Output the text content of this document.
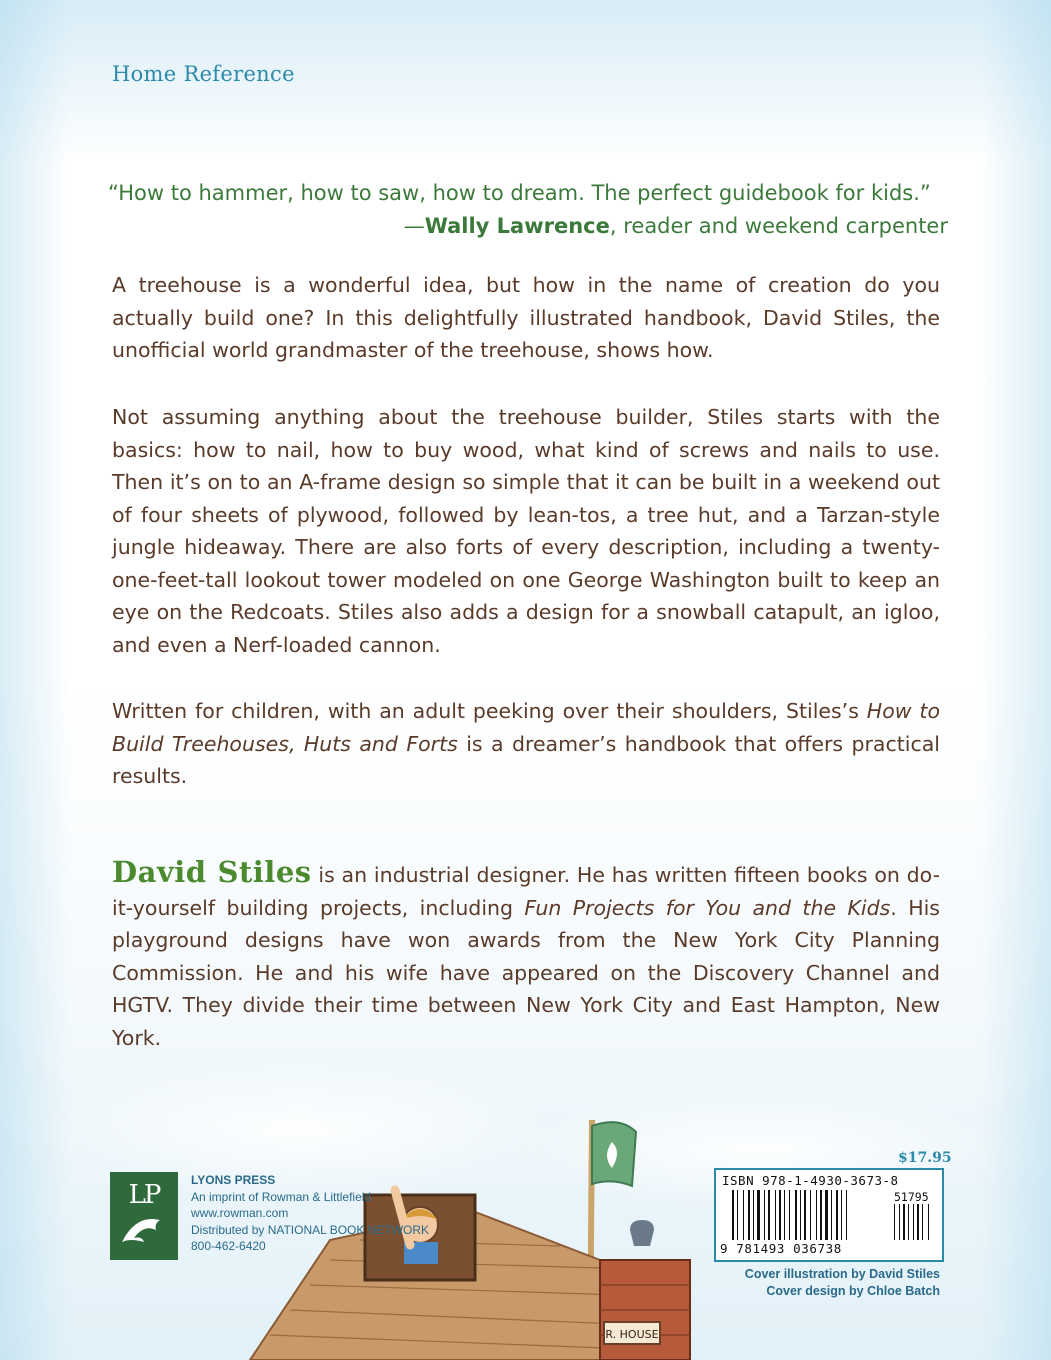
Home Reference
“How to hammer, how to saw, how to dream. The perfect guidebook for kids.”
—Wally Lawrence, reader and weekend carpenter
A treehouse is a wonderful idea, but how in the name of creation do you actually build one? In this delightfully illustrated handbook, David Stiles, the unofficial world grandmaster of the treehouse, shows how.
Not assuming anything about the treehouse builder, Stiles starts with the basics: how to nail, how to buy wood, what kind of screws and nails to use. Then it’s on to an A-frame design so simple that it can be built in a weekend out of four sheets of plywood, followed by lean-tos, a tree hut, and a Tarzan-style jungle hideaway. There are also forts of every description, including a twenty-one-feet-tall lookout tower modeled on one George Washington built to keep an eye on the Redcoats. Stiles also adds a design for a snowball catapult, an igloo, and even a Nerf-loaded cannon.
Written for children, with an adult peeking over their shoulders, Stiles’s How to Build Treehouses, Huts and Forts is a dreamer’s handbook that offers practical results.
David Stiles is an industrial designer. He has written fifteen books on do-it-yourself building projects, including Fun Projects for You and the Kids. His playground designs have won awards from the New York City Planning Commission. He and his wife have appeared on the Discovery Channel and HGTV. They divide their time between New York City and East Hampton, New York.
R. HOUSE
LP	LYONS PRESS
An imprint of Rowman & Littlefield
www.rowman.com
Distributed by NATIONAL BOOK NETWORK
800-462-6420
$17.95
ISBN 978-1-4930-3673-8
51795
9 781493 036738
Cover illustration by David Stiles
Cover design by Chloe Batch
